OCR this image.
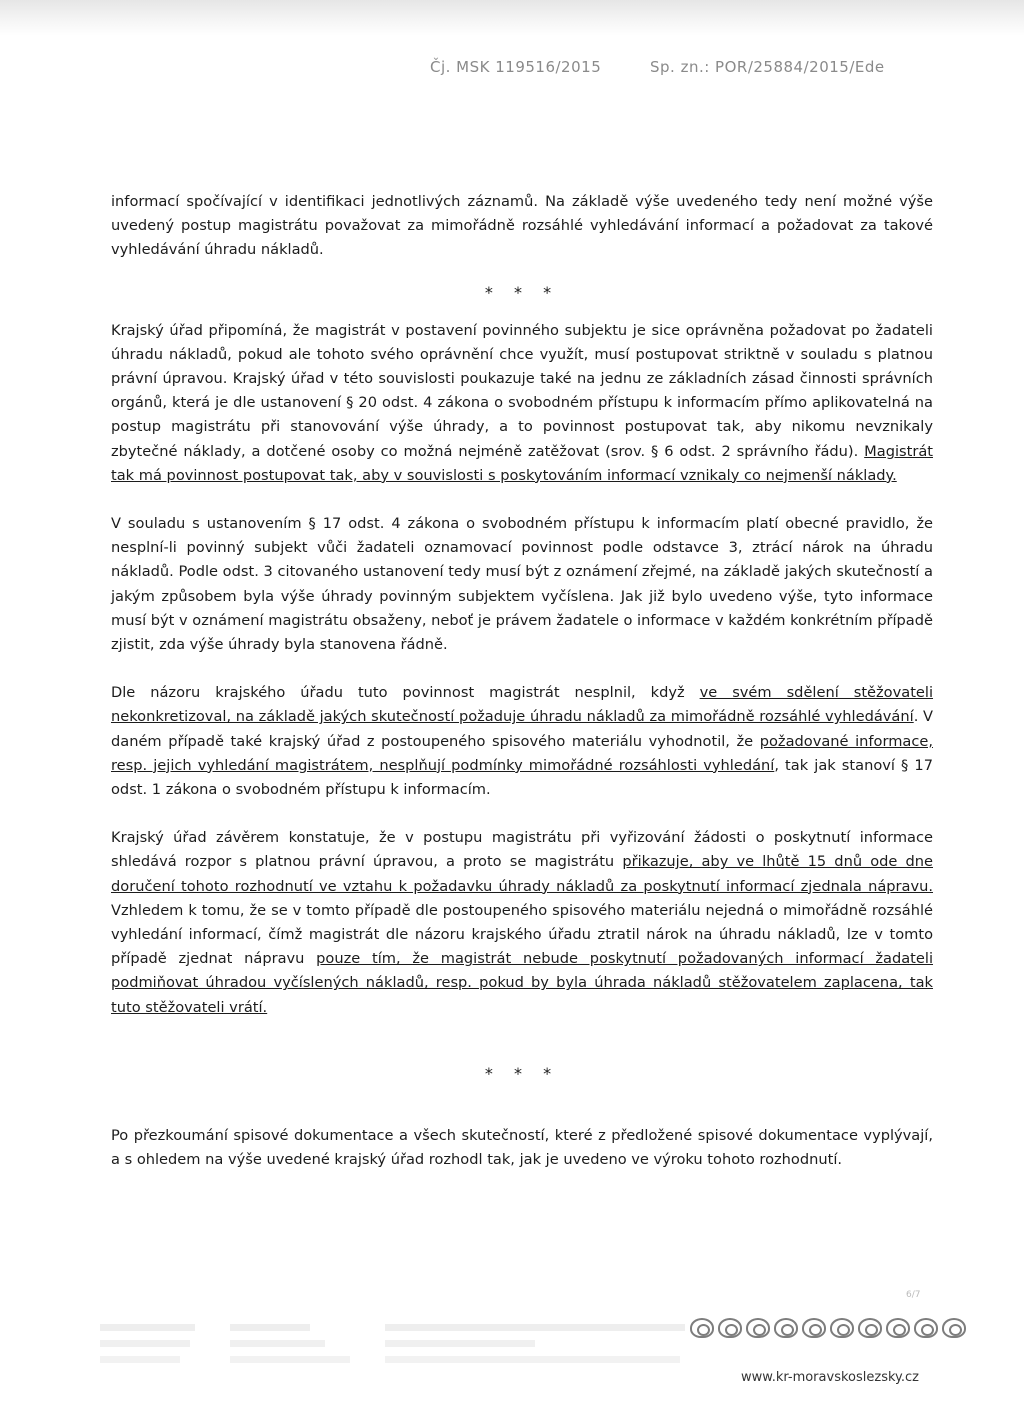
Čj. MSK 119516/2015	Sp. zn.: POR/25884/2015/Ede

informací spočívající v identifikaci jednotlivých záznamů. Na základě výše uvedeného tedy není možné výše uvedený postup magistrátu považovat za mimořádně rozsáhlé vyhledávání informací a požadovat za takové vyhledávání úhradu nákladů.

* * *

Krajský úřad připomíná, že magistrát v postavení povinného subjektu je sice oprávněna požadovat po žadateli úhradu nákladů, pokud ale tohoto svého oprávnění chce využít, musí postupovat striktně v souladu s platnou právní úpravou. Krajský úřad v této souvislosti poukazuje také na jednu ze základních zásad činnosti správních orgánů, která je dle ustanovení § 20 odst. 4 zákona o svobodném přístupu k informacím přímo aplikovatelná na postup magistrátu při stanovování výše úhrady, a to povinnost postupovat tak, aby nikomu nevznikaly zbytečné náklady, a dotčené osoby co možná nejméně zatěžovat (srov. § 6 odst. 2 správního řádu). Magistrát tak má povinnost postupovat tak, aby v souvislosti s poskytováním informací vznikaly co nejmenší náklady.

V souladu s ustanovením § 17 odst. 4 zákona o svobodném přístupu k informacím platí obecné pravidlo, že nesplní-li povinný subjekt vůči žadateli oznamovací povinnost podle odstavce 3, ztrácí nárok na úhradu nákladů. Podle odst. 3 citovaného ustanovení tedy musí být z oznámení zřejmé, na základě jakých skutečností a jakým způsobem byla výše úhrady povinným subjektem vyčíslena. Jak již bylo uvedeno výše, tyto informace musí být v oznámení magistrátu obsaženy, neboť je právem žadatele o informace v každém konkrétním případě zjistit, zda výše úhrady byla stanovena řádně.

Dle názoru krajského úřadu tuto povinnost magistrát nesplnil, když ve svém sdělení stěžovateli nekonkretizoval, na základě jakých skutečností požaduje úhradu nákladů za mimořádně rozsáhlé vyhledávání. V daném případě také krajský úřad z postoupeného spisového materiálu vyhodnotil, že požadované informace, resp. jejich vyhledání magistrátem, nesplňují podmínky mimořádné rozsáhlosti vyhledání, tak jak stanoví § 17 odst. 1 zákona o svobodném přístupu k informacím.

Krajský úřad závěrem konstatuje, že v postupu magistrátu při vyřizování žádosti o poskytnutí informace shledává rozpor s platnou právní úpravou, a proto se magistrátu přikazuje, aby ve lhůtě 15 dnů ode dne doručení tohoto rozhodnutí ve vztahu k požadavku úhrady nákladů za poskytnutí informací zjednala nápravu. Vzhledem k tomu, že se v tomto případě dle postoupeného spisového materiálu nejedná o mimořádně rozsáhlé vyhledání informací, čímž magistrát dle názoru krajského úřadu ztratil nárok na úhradu nákladů, lze v tomto případě zjednat nápravu pouze tím, že magistrát nebude poskytnutí požadovaných informací žadateli podmiňovat úhradou vyčíslených nákladů, resp. pokud by byla úhrada nákladů stěžovatelem zaplacena, tak tuto stěžovateli vrátí.

* * *

Po přezkoumání spisové dokumentace a všech skutečností, které z předložené spisové dokumentace vyplývají, a s ohledem na výše uvedené krajský úřad rozhodl tak, jak je uvedeno ve výroku tohoto rozhodnutí.

6/7
www.kr-moravskoslezsky.cz
